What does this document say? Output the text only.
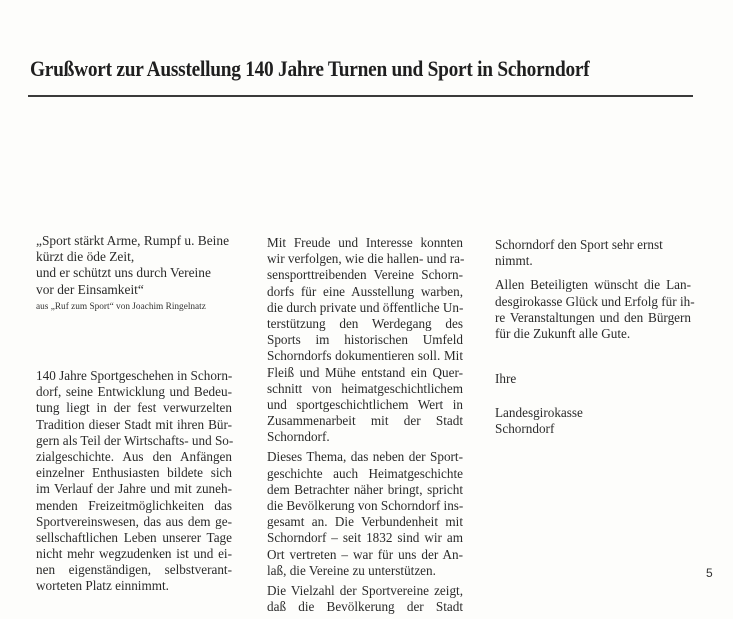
Grußwort zur Ausstellung 140 Jahre Turnen und Sport in Schorndorf
„Sport stärkt Arme, Rumpf u. Beine
kürzt die öde Zeit,
und er schützt uns durch Vereine
vor der Einsamkeit“
aus „Ruf zum Sport“ von Joachim Ringelnatz
140 Jahre Sportgeschehen in Schorn-
dorf, seine Entwicklung und Bedeu-
tung liegt in der fest verwurzelten
Tradition dieser Stadt mit ihren Bür-
gern als Teil der Wirtschafts- und So-
zialgeschichte. Aus den Anfängen
einzelner Enthusiasten bildete sich
im Verlauf der Jahre und mit zuneh-
menden Freizeitmöglichkeiten das
Sportvereinswesen, das aus dem ge-
sellschaftlichen Leben unserer Tage
nicht mehr wegzudenken ist und ei-
nen eigenständigen, selbstverant-
worteten Platz einnimmt.
Mit Freude und Interesse konnten
wir verfolgen, wie die hallen- und ra-
sensporttreibenden Vereine Schorn-
dorfs für eine Ausstellung warben,
die durch private und öffentliche Un-
terstützung den Werdegang des
Sports im historischen Umfeld
Schorndorfs dokumentieren soll. Mit
Fleiß und Mühe entstand ein Quer-
schnitt von heimatgeschichtlichem
und sportgeschichtlichem Wert in
Zusammenarbeit mit der Stadt
Schorndorf.
Dieses Thema, das neben der Sport-
geschichte auch Heimatgeschichte
dem Betrachter näher bringt, spricht
die Bevölkerung von Schorndorf ins-
gesamt an. Die Verbundenheit mit
Schorndorf – seit 1832 sind wir am
Ort vertreten – war für uns der An-
laß, die Vereine zu unterstützen.
Die Vielzahl der Sportvereine zeigt,
daß die Bevölkerung der Stadt
Schorndorf den Sport sehr ernst
nimmt.
Allen Beteiligten wünscht die Lan-
desgirokasse Glück und Erfolg für ih-
re Veranstaltungen und den Bürgern
für die Zukunft alle Gute.
Ihre
Landesgirokasse
Schorndorf
5
